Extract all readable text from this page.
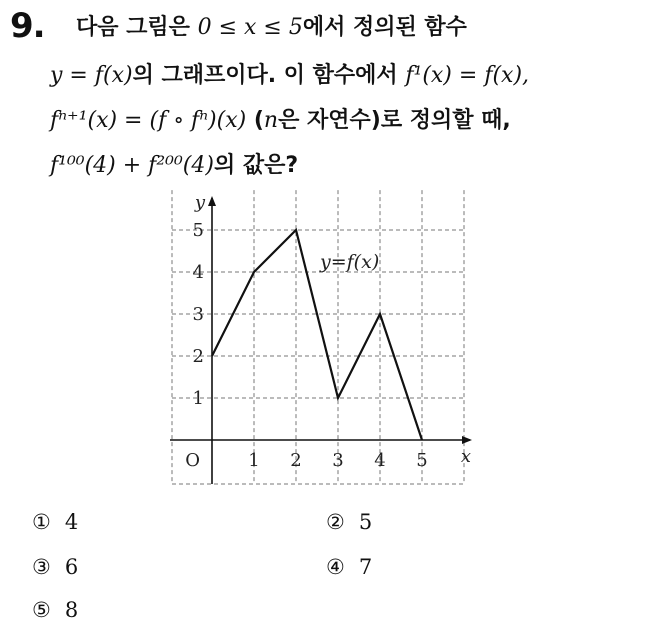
9. 다음 그림은 0 ≤ x ≤ 5에서 정의된 함수
y = f(x)의 그래프이다. 이 함수에서 f¹(x) = f(x),
fⁿ⁺¹(x) = (f ∘ fⁿ)(x) (n은 자연수)로 정의할 때,
f¹⁰⁰(4) + f²⁰⁰(4)의 값은?
1 2 3 4 5
1
2
3
4
5
O	x
y
y=f(x)
① 4	② 5
③ 6	④ 7
⑤ 8
